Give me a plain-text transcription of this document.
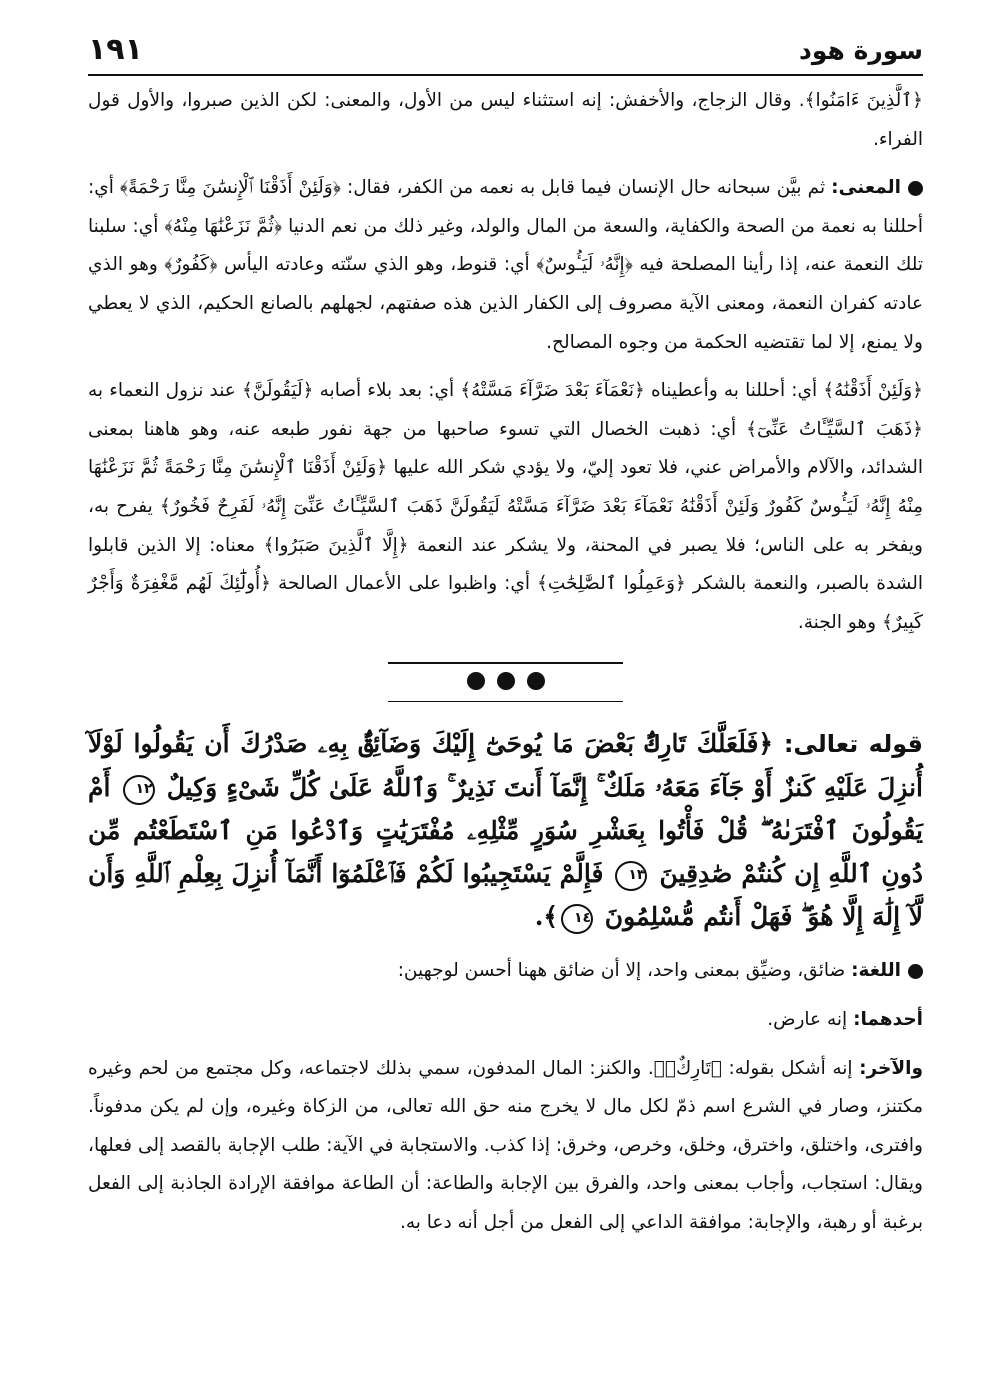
سورة هود
١٩١

﴿ٱلَّذِينَ ءَامَنُوا﴾. وقال الزجاج، والأخفش: إنه استثناء ليس من الأول، والمعنى: لكن الذين صبروا، والأول قول الفراء.

المعنى: ثم بيَّن سبحانه حال الإنسان فيما قابل به نعمه من الكفر، فقال: ﴿وَلَئِنْ أَذَقْنَا ٱلْإِنسَٰنَ مِنَّا رَحْمَةً﴾ أي: أحللنا به نعمة من الصحة والكفاية، والسعة من المال والولد، وغير ذلك من نعم الدنيا ﴿ثُمَّ نَزَعْنَٰهَا مِنْهُ﴾ أي: سلبنا تلك النعمة عنه، إذا رأينا المصلحة فيه ﴿إِنَّهُۥ لَيَـُٔوسٌ﴾ أي: قنوط، وهو الذي سنّته وعادته اليأس ﴿كَفُورٌ﴾ وهو الذي عادته كفران النعمة، ومعنى الآية مصروف إلى الكفار الذين هذه صفتهم، لجهلهم بالصانع الحكيم، الذي لا يعطي ولا يمنع، إلا لما تقتضيه الحكمة من وجوه المصالح.

﴿وَلَئِنْ أَذَقْنَٰهُ﴾ أي: أحللنا به وأعطيناه ﴿نَعْمَآءَ بَعْدَ ضَرَّآءَ مَسَّتْهُ﴾ أي: بعد بلاء أصابه ﴿لَيَقُولَنَّ﴾ عند نزول النعماء به ﴿ذَهَبَ ٱلسَّيِّـَٔاتُ عَنِّىٓ﴾ أي: ذهبت الخصال التي تسوء صاحبها من جهة نفور طبعه عنه، وهو هاهنا بمعنى الشدائد، والآلام والأمراض عني، فلا تعود إليّ، ولا يؤدي شكر الله عليها ﴿وَلَئِنْ أَذَقْنَا ٱلْإِنسَٰنَ مِنَّا رَحْمَةً ثُمَّ نَزَعْنَٰهَا مِنْهُ إِنَّهُۥ لَيَـُٔوسٌ كَفُورٌ وَلَئِنْ أَذَقْنَٰهُ نَعْمَآءَ بَعْدَ ضَرَّآءَ مَسَّتْهُ لَيَقُولَنَّ ذَهَبَ ٱلسَّيِّـَٔاتُ عَنِّىٓ إِنَّهُۥ لَفَرِحٌ فَخُورٌ﴾ يفرح به، ويفخر به على الناس؛ فلا يصبر في المحنة، ولا يشكر عند النعمة ﴿إِلَّا ٱلَّذِينَ صَبَرُوا﴾ معناه: إلا الذين قابلوا الشدة بالصبر، والنعمة بالشكر ﴿وَعَمِلُوا ٱلصَّٰلِحَٰتِ﴾ أي: واظبوا على الأعمال الصالحة ﴿أُولَٰٓئِكَ لَهُم مَّغْفِرَةٌ وَأَجْرٌ كَبِيرٌ﴾ وهو الجنة.

قوله تعالى: ﴿فَلَعَلَّكَ تَارِكٌۢ بَعْضَ مَا يُوحَىٰٓ إِلَيْكَ وَضَآئِقٌۢ بِهِۦ صَدْرُكَ أَن يَقُولُوا لَوْلَآ أُنزِلَ عَلَيْهِ كَنزٌ أَوْ جَآءَ مَعَهُۥ مَلَكٌ ۚ إِنَّمَآ أَنتَ نَذِيرٌ ۚ وَٱللَّهُ عَلَىٰ كُلِّ شَىْءٍ وَكِيلٌ ١٢ أَمْ يَقُولُونَ ٱفْتَرَىٰهُ ۖ قُلْ فَأْتُوا بِعَشْرِ سُوَرٍ مِّثْلِهِۦ مُفْتَرَيَٰتٍ وَٱدْعُوا مَنِ ٱسْتَطَعْتُم مِّن دُونِ ٱللَّهِ إِن كُنتُمْ صَٰدِقِينَ ١٣ فَإِلَّمْ يَسْتَجِيبُوا لَكُمْ فَٱعْلَمُوٓا أَنَّمَآ أُنزِلَ بِعِلْمِ ٱللَّهِ وَأَن لَّآ إِلَٰهَ إِلَّا هُوَ ۖ فَهَلْ أَنتُم مُّسْلِمُونَ ١٤﴾.

اللغة: ضائق، وضيِّق بمعنى واحد، إلا أن ضائق ههنا أحسن لوجهين:

أحدهما: إنه عارض.

والآخر: إنه أشكل بقوله: ﴿تَارِكٌۢ﴾. والكنز: المال المدفون، سمي بذلك لاجتماعه، وكل مجتمع من لحم وغيره مكتنز، وصار في الشرع اسم ذمّ لكل مال لا يخرج منه حق الله تعالى، من الزكاة وغيره، وإن لم يكن مدفوناً. وافترى، واختلق، واخترق، وخلق، وخرص، وخرق: إذا كذب. والاستجابة في الآية: طلب الإجابة بالقصد إلى فعلها، ويقال: استجاب، وأجاب بمعنى واحد، والفرق بين الإجابة والطاعة: أن الطاعة موافقة الإرادة الجاذبة إلى الفعل برغبة أو رهبة، والإجابة: موافقة الداعي إلى الفعل من أجل أنه دعا به.
